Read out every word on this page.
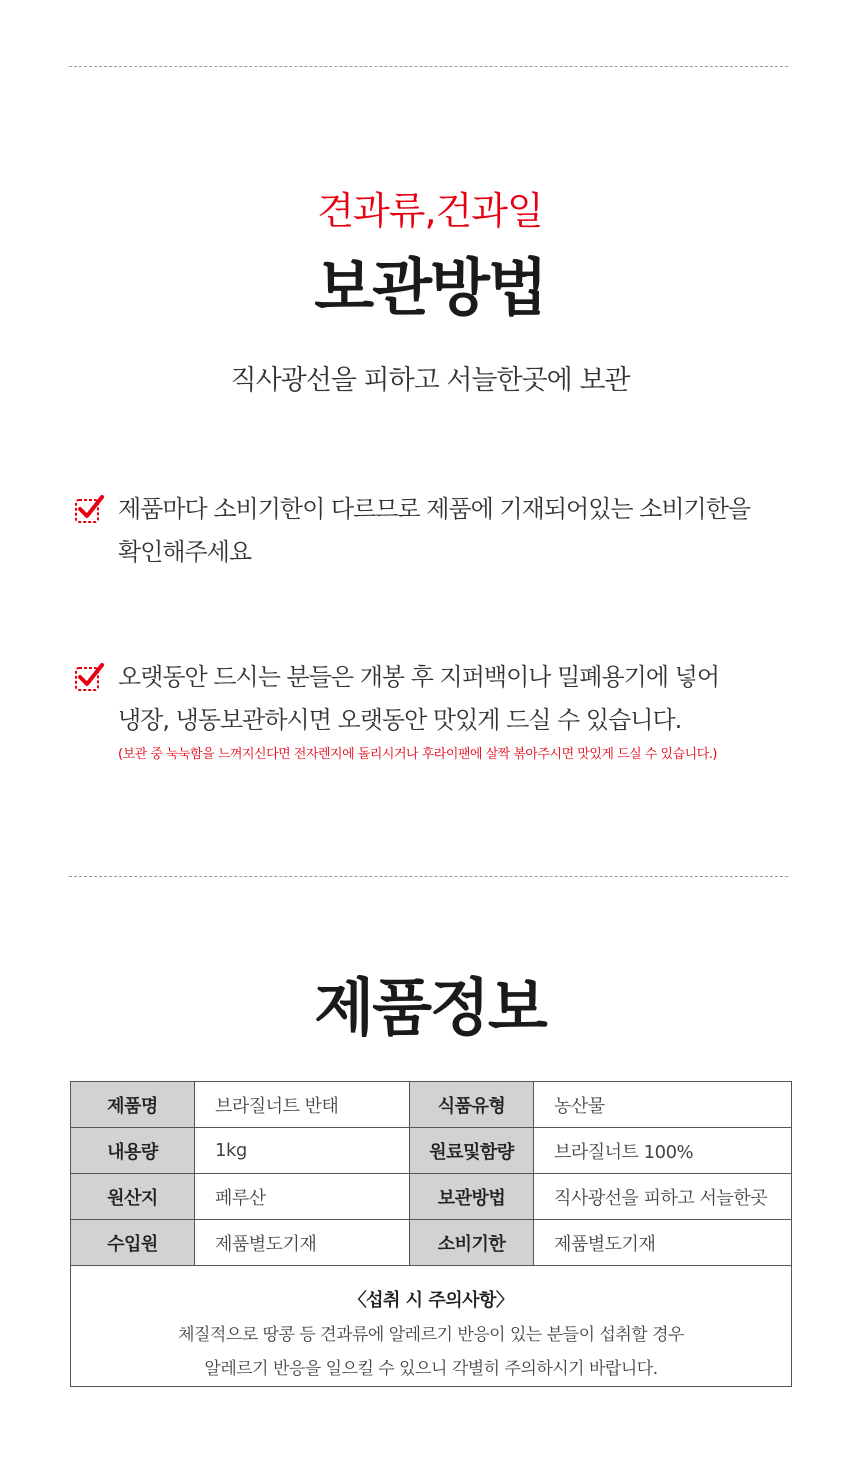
견과류,건과일
보관방법
직사광선을 피하고 서늘한곳에 보관
제품마다 소비기한이 다르므로 제품에 기재되어있는 소비기한을
확인해주세요
오랫동안 드시는 분들은 개봉 후 지퍼백이나 밀폐용기에 넣어
냉장, 냉동보관하시면 오랫동안 맛있게 드실 수 있습니다.
(보관 중 눅눅함을 느껴지신다면 전자렌지에 돌리시거나 후라이팬에 살짝 볶아주시면 맛있게 드실 수 있습니다.)
제품정보
제품명	브라질너트 반태	식품유형	농산물
내용량	1kg	원료및함량	브라질너트 100%
원산지	페루산	보관방법	직사광선을 피하고 서늘한곳
수입원	제품별도기재	소비기한	제품별도기재

〈섭취 시 주의사항〉
체질적으로 땅콩 등 견과류에 알레르기 반응이 있는 분들이 섭취할 경우
알레르기 반응을 일으킬 수 있으니 각별히 주의하시기 바랍니다.			
